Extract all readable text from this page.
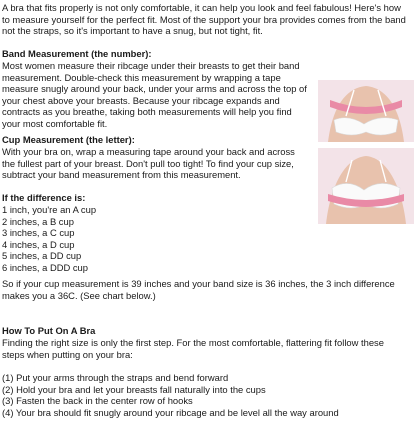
A bra that fits properly is not only comfortable, it can help you look and feel fabulous! Here's how to measure yourself for the perfect fit. Most of the support your bra provides comes from the band not the straps, so it's important to have a snug, but not tight, fit.

Band Measurement (the number):

Most women measure their ribcage under their breasts to get their band measurement. Double-check this measurement by wrapping a tape measure snugly around your back, under your arms and across the top of your chest above your breasts. Because your ribcage expands and contracts as you breathe, taking both measurements will help you find your most comfortable fit.

Cup Measurement (the letter):

With your bra on, wrap a measuring tape around your back and across the fullest part of your breast. Don't pull too tight! To find your cup size, subtract your band measurement from this measurement.

If the difference is:

1 inch, you're an A cup
2 inches, a B cup
3 inches, a C cup
4 inches, a D cup
5 inches, a DD cup
6 inches, a DDD cup

So if your cup measurement is 39 inches and your band size is 36 inches, the 3 inch difference makes you a 36C. (See chart below.)

How To Put On A Bra

Finding the right size is only the first step. For the most comfortable, flattering fit follow these steps when putting on your bra:

(1) Put your arms through the straps and bend forward
(2) Hold your bra and let your breasts fall naturally into the cups
(3) Fasten the back in the center row of hooks
(4) Your bra should fit snugly around your ribcage and be level all the way around
